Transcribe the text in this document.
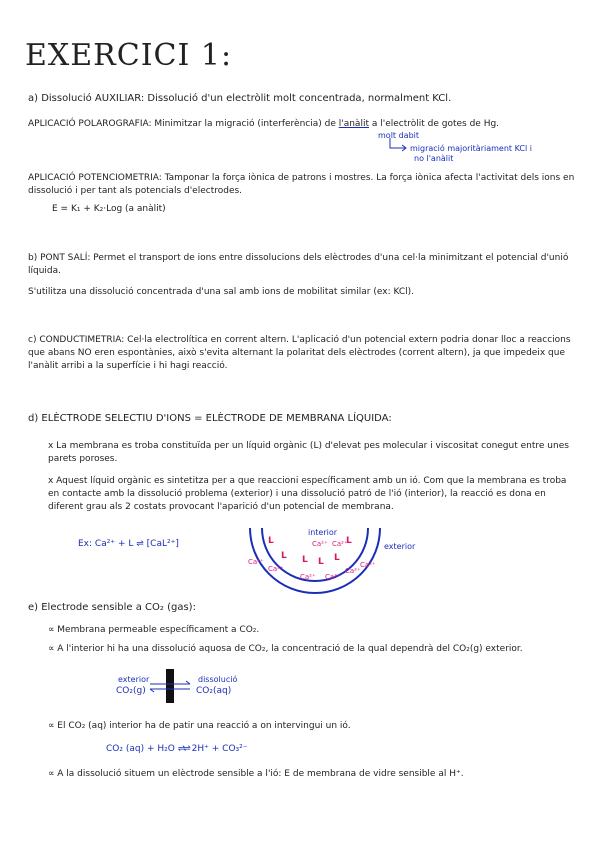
EXERCICI 1:
a) Dissolució AUXILIAR: Dissolució d'un electròlit molt concentrada, normalment KCl.
APLICACIÓ POLAROGRAFIA: Minimitzar la migració (interferència) de l'anàlit a l'electròlit de gotes de Hg.
molt dabit
migració majoritàriament KCl i
no l'anàlit
APLICACIÓ POTENCIOMETRIA: Tamponar la força iònica de patrons i mostres. La força iònica afecta l'activitat dels ions en dissolució i per tant als potencials d'electrodes.
E = K₁ + K₂·Log (a anàlit)
b) PONT SALÍ: Permet el transport de ions entre dissolucions dels elèctrodes d'una cel·la minimitzant el potencial d'unió líquida.
S'utilitza una dissolució concentrada d'una sal amb ions de mobilitat similar (ex: KCl).
c) CONDUCTIMETRIA: Cel·la electrolítica en corrent altern. L'aplicació d'un potencial extern podria donar lloc a reaccions que abans NO eren espontànies, això s'evita alternant la polaritat dels elèctrodes (corrent altern), ja que impedeix que l'anàlit arribi a la superfície i hi hagi reacció.
d) ELÈCTRODE SELECTIU D'IONS = ELÈCTRODE DE MEMBRANA LÍQUIDA:
x La membrana es troba constituïda per un líquid orgànic (L) d'elevat pes molecular i viscositat conegut entre unes parets poroses.
x Aquest líquid orgànic es sintetitza per a que reaccioni específicament amb un ió. Com que la membrana es troba en contacte amb la dissolució problema (exterior) i una dissolució patró de l'ió (interior), la reacció es dona en diferent grau als 2 costats provocant l'aparició d'un potencial de membrana.
Ex: Ca²⁺ + L ⇌ [CaL²⁺]
interior
exterior
L	L
L L L L
Ca²⁺ Ca²⁺
Ca²⁺
Ca²⁺
Ca²⁺ Ca²⁺
Ca²⁺
Ca²⁺
e) Electrode sensible a CO₂ (gas):
∝ Membrana permeable específicament a CO₂.
∝ A l'interior hi ha una dissolució aquosa de CO₂, la concentració de la qual dependrà del CO₂(g) exterior.
exterior	dissolució
CO₂(g)	CO₂(aq)
∝ El CO₂ (aq) interior ha de patir una reacció a on intervingui un ió.
CO₂ (aq) + H₂O ⇌⇌ 2H⁺ + CO₃²⁻
∝ A la dissolució situem un elèctrode sensible a l'ió: E de membrana de vidre sensible al H⁺.
